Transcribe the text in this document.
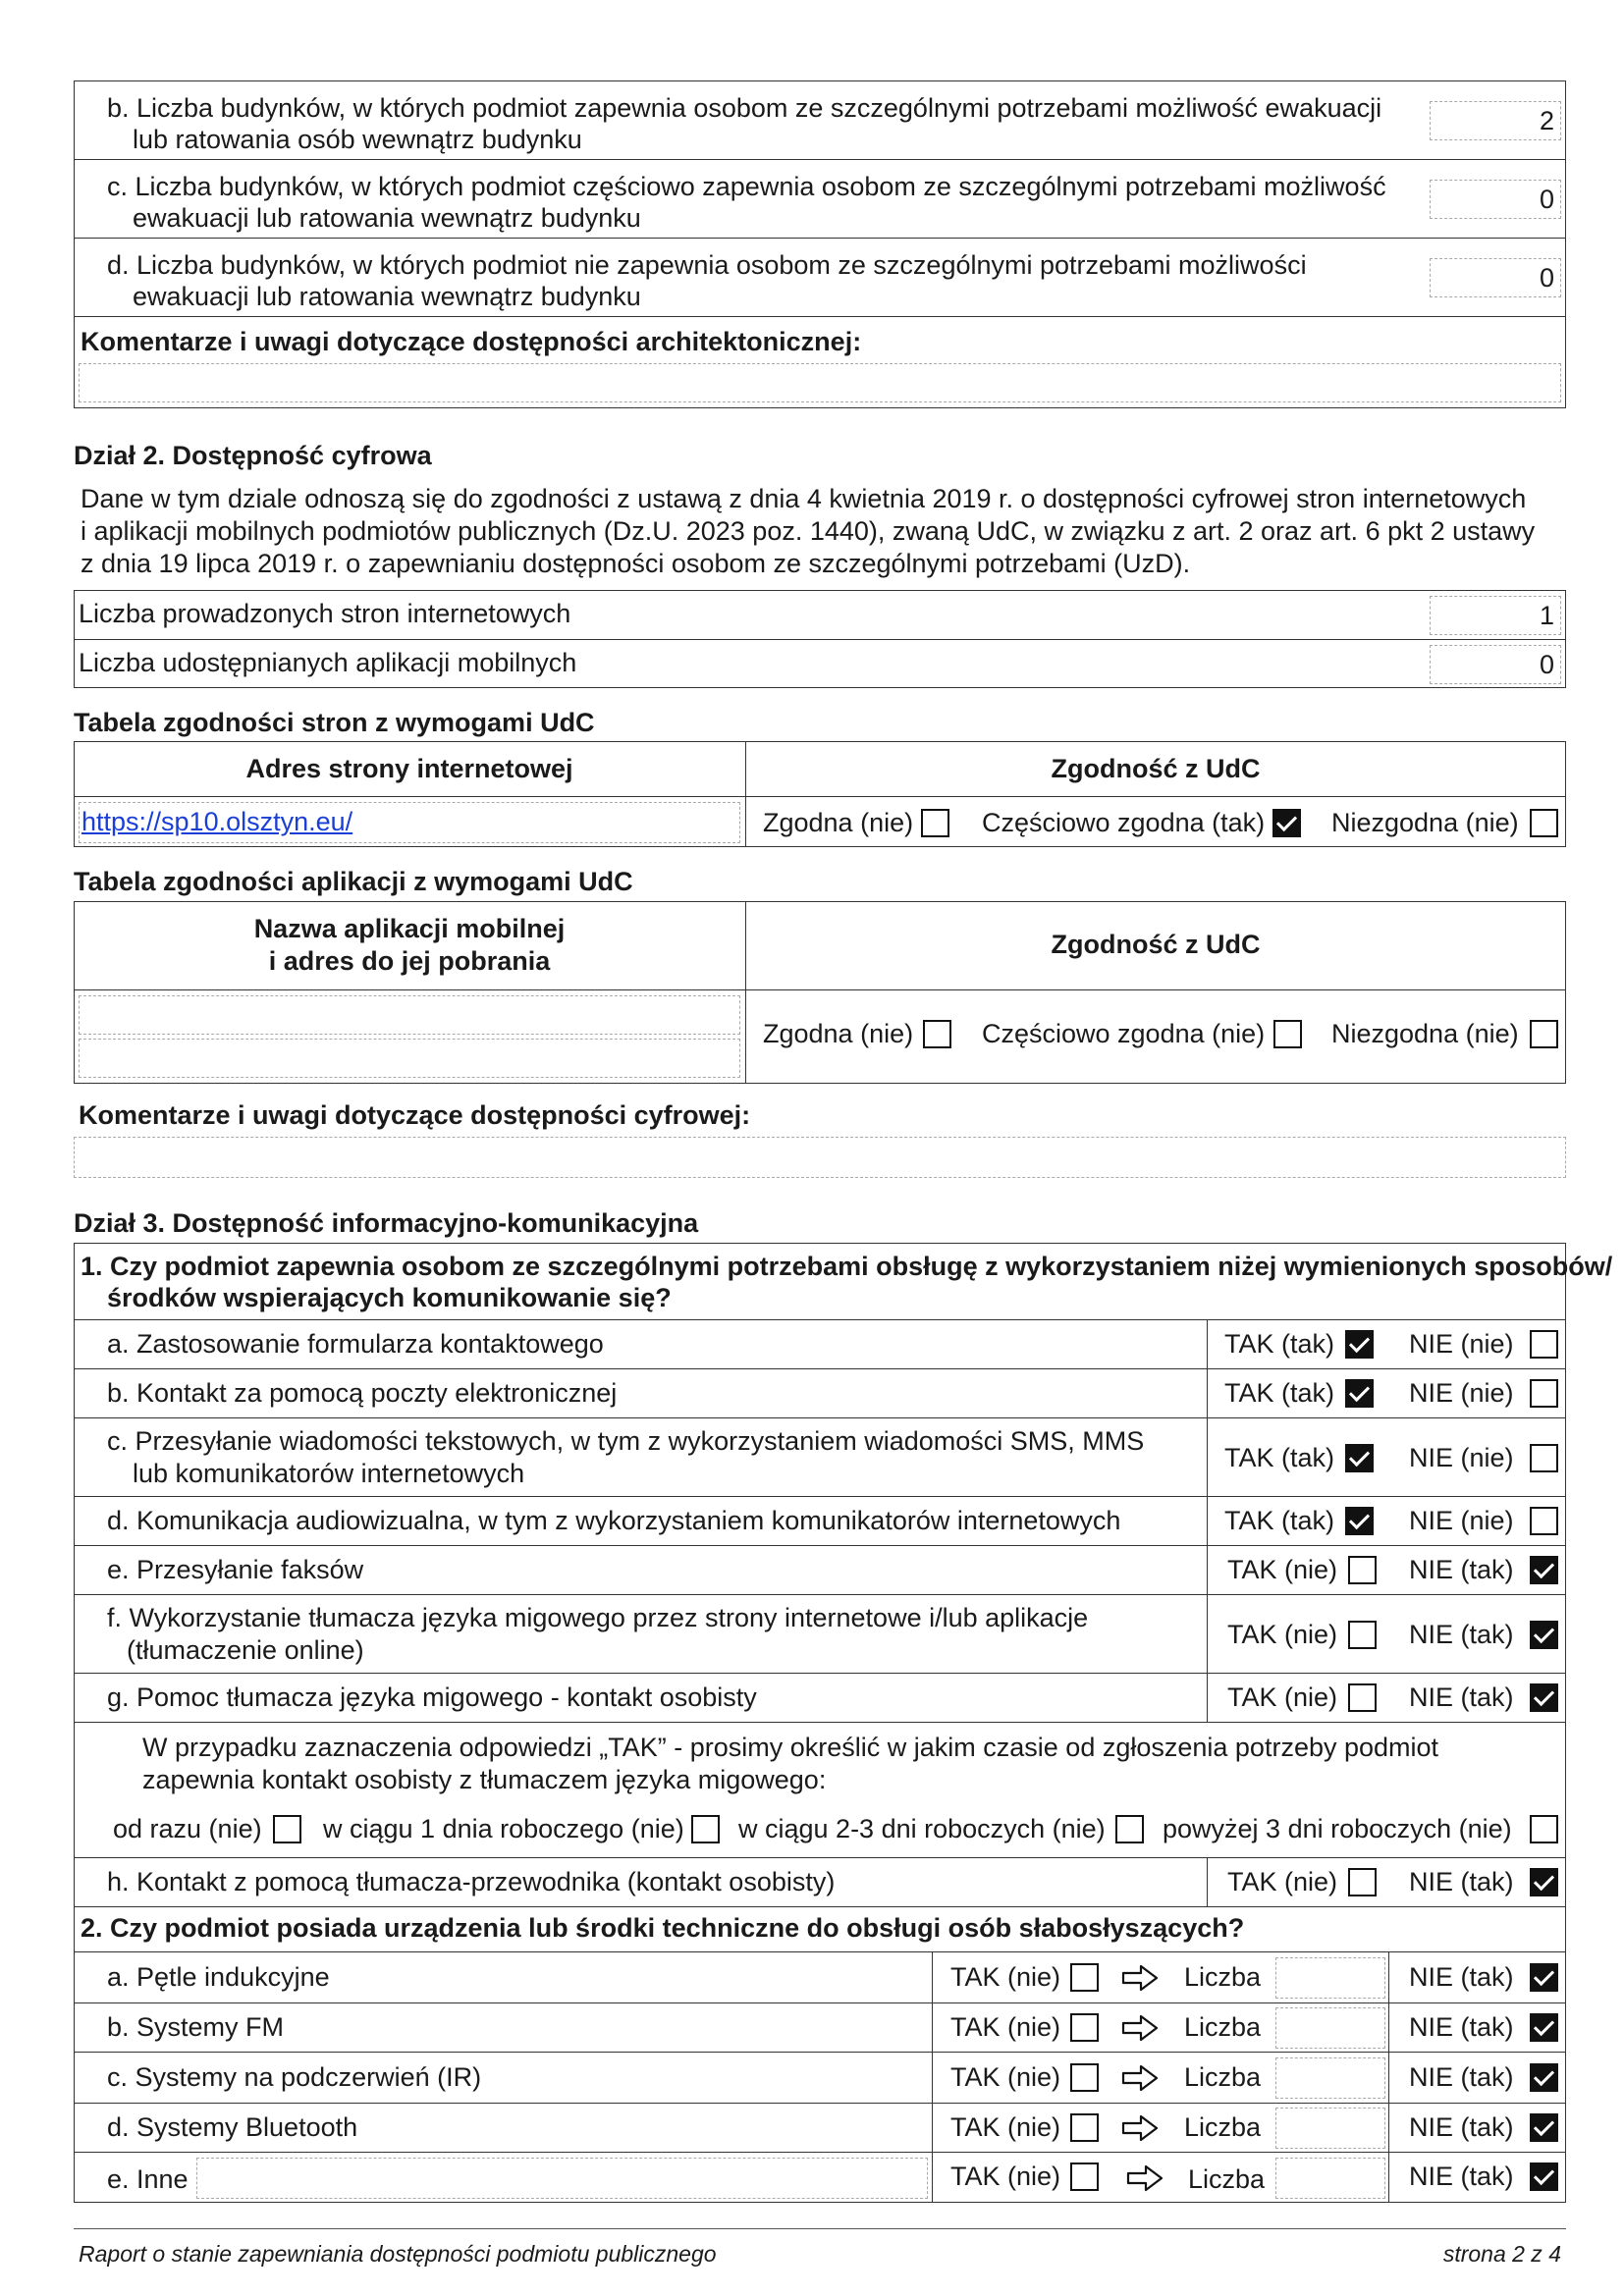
b. Liczba budynków, w których podmiot zapewnia osobom ze szczególnymi potrzebami możliwość ewakuacji
lub ratowania osób wewnątrz budynku
2
c. Liczba budynków, w których podmiot częściowo zapewnia osobom ze szczególnymi potrzebami możliwość
ewakuacji lub ratowania wewnątrz budynku
0
d. Liczba budynków, w których podmiot nie zapewnia osobom ze szczególnymi potrzebami możliwości
ewakuacji lub ratowania wewnątrz budynku
0
Komentarze i uwagi dotyczące dostępności architektonicznej:
Dział 2. Dostępność cyfrowa
Dane w tym dziale odnoszą się do zgodności z ustawą z dnia 4 kwietnia 2019 r. o dostępności cyfrowej stron internetowych
i aplikacji mobilnych podmiotów publicznych (Dz.U. 2023 poz. 1440), zwaną UdC, w związku z art. 2 oraz art. 6 pkt 2 ustawy
z dnia 19 lipca 2019 r. o zapewnianiu dostępności osobom ze szczególnymi potrzebami (UzD).
Liczba prowadzonych stron internetowych	1
Liczba udostępnianych aplikacji mobilnych	0
Tabela zgodności stron z wymogami UdC
Adres strony internetowej	Zgodność z UdC
https://sp10.olsztyn.eu/	Zgodna (nie)	Częściowo zgodna (tak)	Niezgodna (nie)
Tabela zgodności aplikacji z wymogami UdC
Nazwa aplikacji mobilnej
i adres do jej pobrania
Zgodność z UdC
Zgodna (nie)	Częściowo zgodna (nie)	Niezgodna (nie)
Komentarze i uwagi dotyczące dostępności cyfrowej:
Dział 3. Dostępność informacyjno-komunikacyjna
1. Czy podmiot zapewnia osobom ze szczególnymi potrzebami obsługę z wykorzystaniem niżej wymienionych sposobów/
środków wspierających komunikowanie się?
a. Zastosowanie formularza kontaktowego	TAK (tak)	NIE (nie)
b. Kontakt za pomocą poczty elektronicznej	TAK (tak)	NIE (nie)
c. Przesyłanie wiadomości tekstowych, w tym z wykorzystaniem wiadomości SMS, MMS
lub komunikatorów internetowych
TAK (tak)	NIE (nie)
d. Komunikacja audiowizualna, w tym z wykorzystaniem komunikatorów internetowych	TAK (tak)	NIE (nie)
e. Przesyłanie faksów	TAK (nie)	NIE (tak)
f. Wykorzystanie tłumacza języka migowego przez strony internetowe i/lub aplikacje
(tłumaczenie online)
TAK (nie)	NIE (tak)
g. Pomoc tłumacza języka migowego - kontakt osobisty	TAK (nie)	NIE (tak)
W przypadku zaznaczenia odpowiedzi „TAK” - prosimy określić w jakim czasie od zgłoszenia potrzeby podmiot
zapewnia kontakt osobisty z tłumaczem języka migowego:
od razu (nie) w ciągu 1 dnia roboczego (nie) w ciągu 2-3 dni roboczych (nie) powyżej 3 dni roboczych (nie)
h. Kontakt z pomocą tłumacza-przewodnika (kontakt osobisty)	TAK (nie)	NIE (tak)
2. Czy podmiot posiada urządzenia lub środki techniczne do obsługi osób słabosłyszących?
a. Pętle indukcyjne	TAK (nie)	Liczba	NIE (tak)
b. Systemy FM	TAK (nie)	Liczba	NIE (tak)
c. Systemy na podczerwień (IR)	TAK (nie)	Liczba	NIE (tak)
d. Systemy Bluetooth	TAK (nie)	Liczba	NIE (tak)
e. Inne	TAK (nie)	Liczba	NIE (tak)
Raport o stanie zapewniania dostępności podmiotu publicznego	strona 2 z 4
